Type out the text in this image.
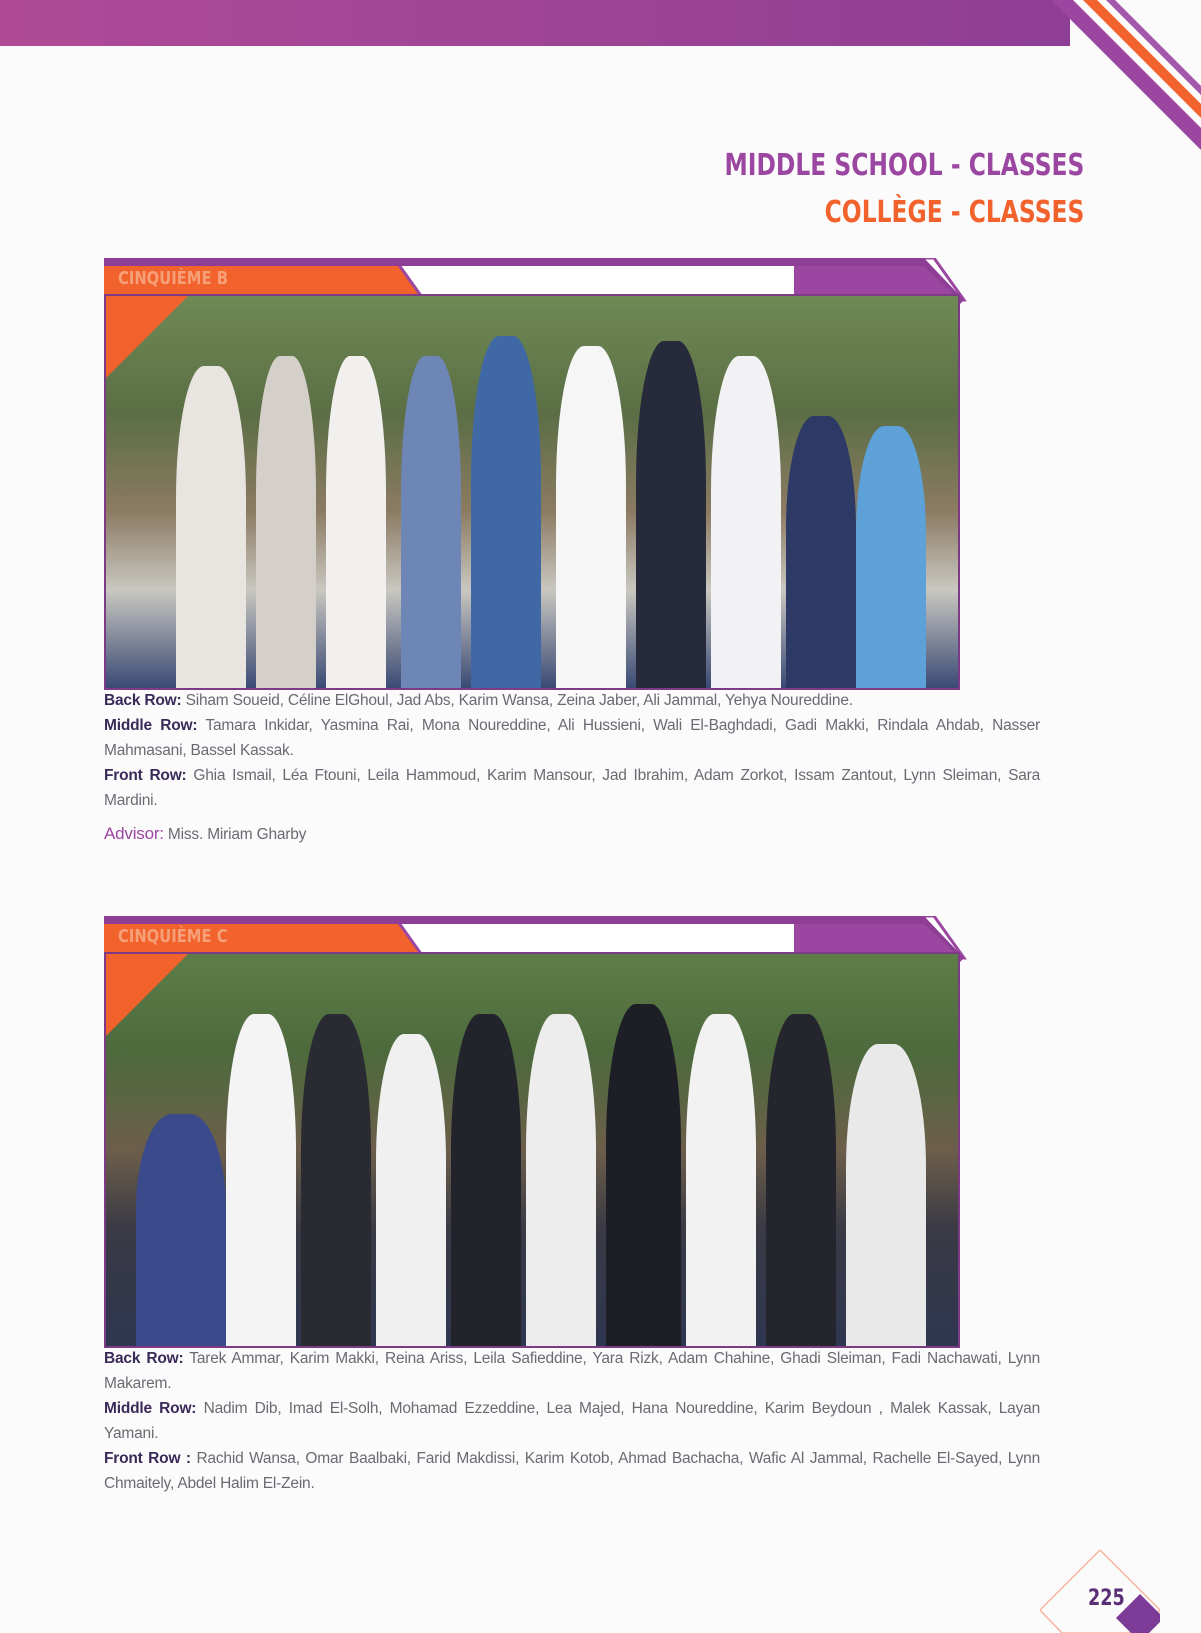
MIDDLE SCHOOL - CLASSES
COLLÈGE - CLASSES
CINQUIÈME B

Back Row: Siham Soueid, Céline ElGhoul, Jad Abs, Karim Wansa, Zeina Jaber, Ali Jammal, Yehya Noureddine.

Middle Row: Tamara Inkidar, Yasmina Rai, Mona Noureddine, Ali Hussieni, Wali El-Baghdadi, Gadi Makki, Rindala Ahdab, Nasser Mahmasani, Bassel Kassak.

Front Row: Ghia Ismail, Léa Ftouni, Leila Hammoud, Karim Mansour, Jad Ibrahim, Adam Zorkot, Issam Zantout, Lynn Sleiman, Sara Mardini.

Advisor: Miss. Miriam Gharby

CINQUIÈME C

Back Row: Tarek Ammar, Karim Makki, Reina Ariss, Leila Safieddine, Yara Rizk, Adam Chahine, Ghadi Sleiman, Fadi Nachawati, Lynn Makarem.

Middle Row: Nadim Dib, Imad El-Solh, Mohamad Ezzeddine, Lea Majed, Hana Noureddine, Karim Beydoun , Malek Kassak, Layan Yamani.

Front Row : Rachid Wansa, Omar Baalbaki, Farid Makdissi, Karim Kotob, Ahmad Bachacha, Wafic Al Jammal, Rachelle El-Sayed, Lynn Chmaitely, Abdel Halim El-Zein.

225
